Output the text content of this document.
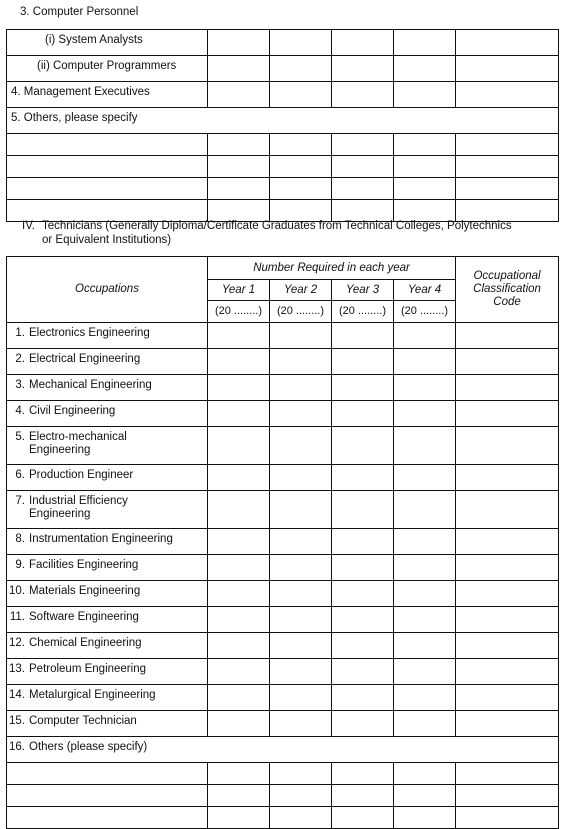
3. Computer Personnel
(i) System Analysts					
(ii) Computer Programmers					
4. Management Executives					
5. Others, please specify					

IV. Technicians (Generally Diploma/Certificate Graduates from Technical Colleges, Polytechnics
or Equivalent Institutions)
Occupations	Number Required in each year				Occupational Classification Code

	Year 1	Year 2	Year 3	Year 4	
	(20 ........)	(20 ........)	(20 ........)	(20 ........)	

1. Electronics Engineering					

2. Electrical Engineering					

3. Mechanical Engineering					

4. Civil Engineering					

5. Electro-mechanical Engineering					

6. Production Engineer					

7. Industrial Efficiency Engineering					

8. Instrumentation Engineering					

9. Facilities Engineering					

10. Materials Engineering					

11. Software Engineering					

12. Chemical Engineering					

13. Petroleum Engineering					

14. Metalurgical Engineering					

15. Computer Technician					

16. Others (please specify)					
